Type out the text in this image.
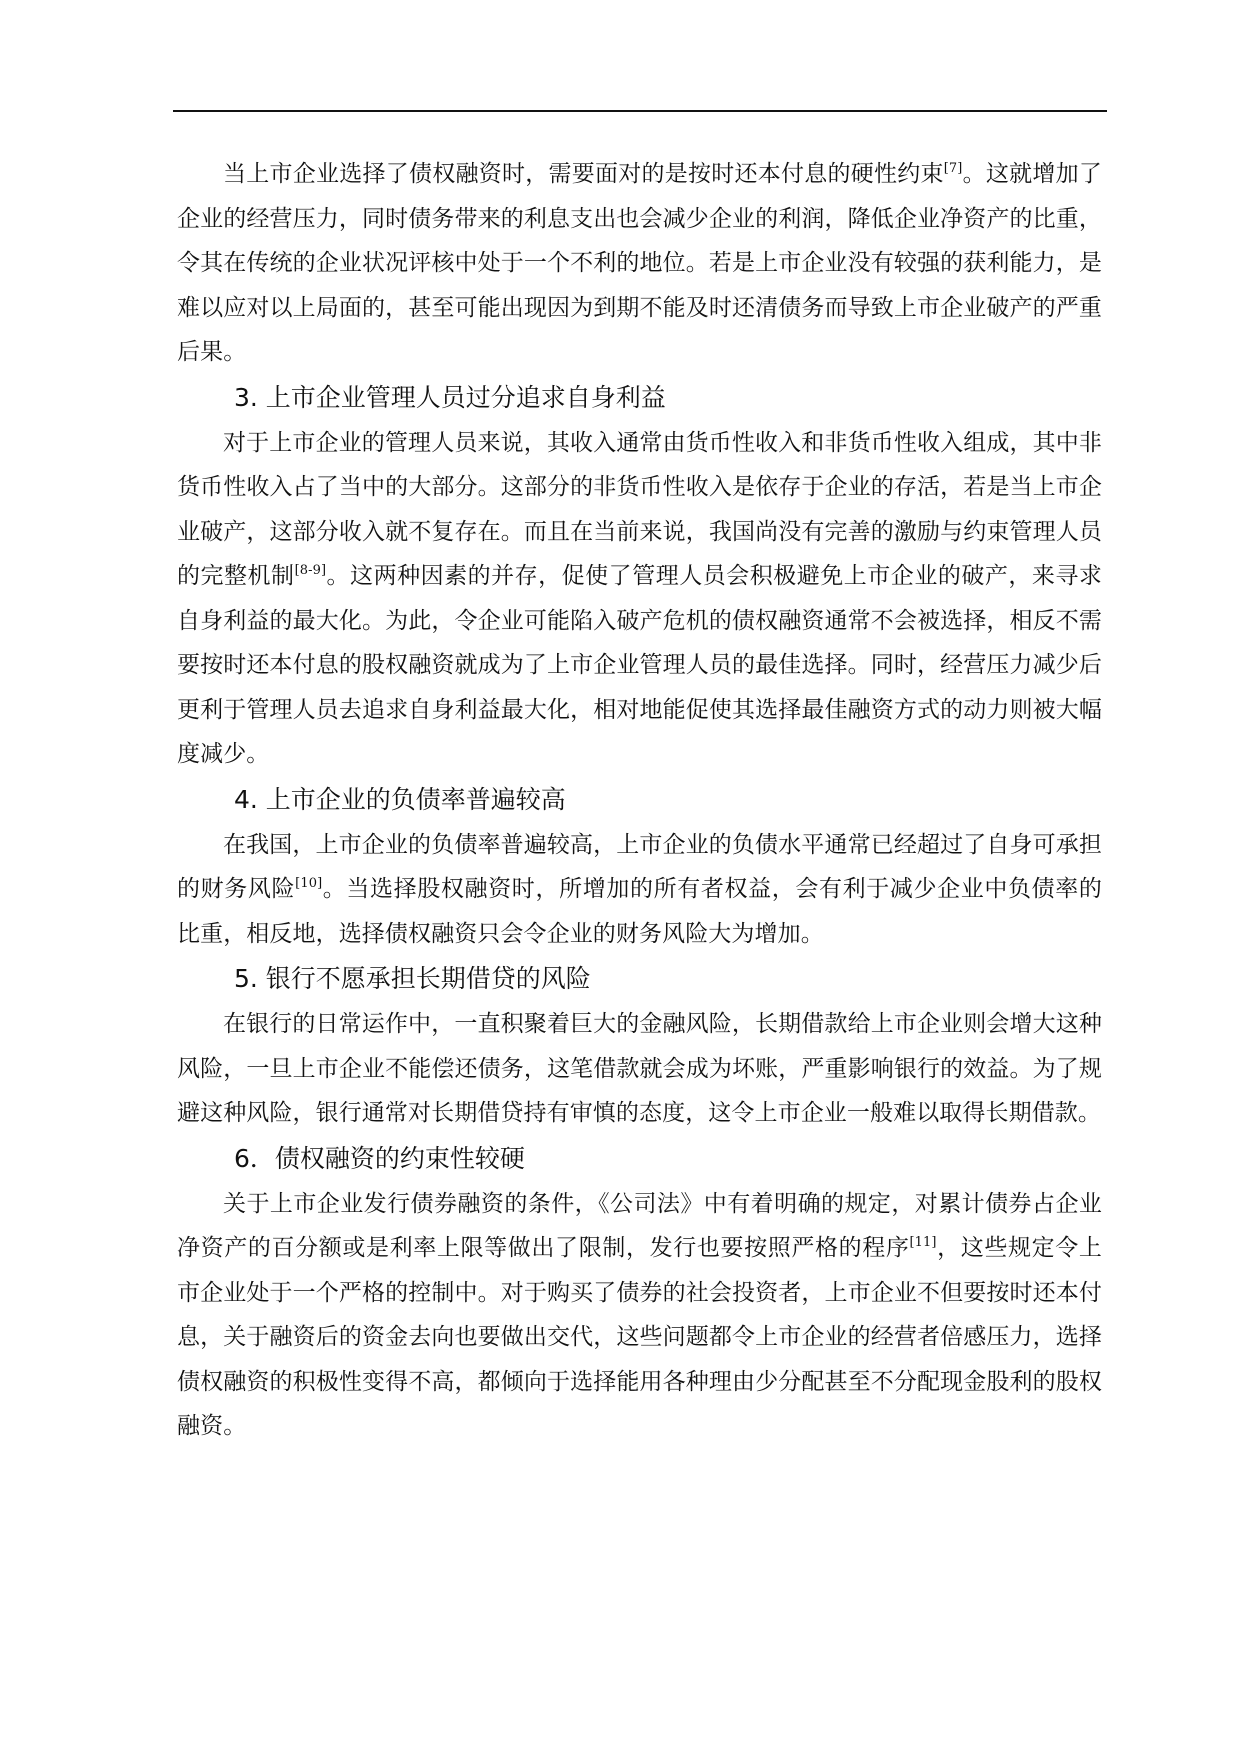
当上市企业选择了债权融资时，需要面对的是按时还本付息的硬性约束[7]。这就增加了企业的经营压力，同时债务带来的利息支出也会减少企业的利润，降低企业净资产的比重，令其在传统的企业状况评核中处于一个不利的地位。若是上市企业没有较强的获利能力，是难以应对以上局面的，甚至可能出现因为到期不能及时还清债务而导致上市企业破产的严重后果。

3. 上市企业管理人员过分追求自身利益

对于上市企业的管理人员来说，其收入通常由货币性收入和非货币性收入组成，其中非货币性收入占了当中的大部分。这部分的非货币性收入是依存于企业的存活，若是当上市企业破产，这部分收入就不复存在。而且在当前来说，我国尚没有完善的激励与约束管理人员的完整机制[8-9]。这两种因素的并存，促使了管理人员会积极避免上市企业的破产，来寻求自身利益的最大化。为此，令企业可能陷入破产危机的债权融资通常不会被选择，相反不需要按时还本付息的股权融资就成为了上市企业管理人员的最佳选择。同时，经营压力减少后更利于管理人员去追求自身利益最大化，相对地能促使其选择最佳融资方式的动力则被大幅度减少。

4. 上市企业的负债率普遍较高

在我国，上市企业的负债率普遍较高，上市企业的负债水平通常已经超过了自身可承担的财务风险[10]。当选择股权融资时，所增加的所有者权益，会有利于减少企业中负债率的比重，相反地，选择债权融资只会令企业的财务风险大为增加。

5. 银行不愿承担长期借贷的风险

在银行的日常运作中，一直积聚着巨大的金融风险，长期借款给上市企业则会增大这种风险，一旦上市企业不能偿还债务，这笔借款就会成为坏账，严重影响银行的效益。为了规避这种风险，银行通常对长期借贷持有审慎的态度，这令上市企业一般难以取得长期借款。

6．债权融资的约束性较硬

关于上市企业发行债券融资的条件，《公司法》中有着明确的规定，对累计债券占企业净资产的百分额或是利率上限等做出了限制，发行也要按照严格的程序[11]，这些规定令上市企业处于一个严格的控制中。对于购买了债券的社会投资者，上市企业不但要按时还本付息，关于融资后的资金去向也要做出交代，这些问题都令上市企业的经营者倍感压力，选择债权融资的积极性变得不高，都倾向于选择能用各种理由少分配甚至不分配现金股利的股权融资。
